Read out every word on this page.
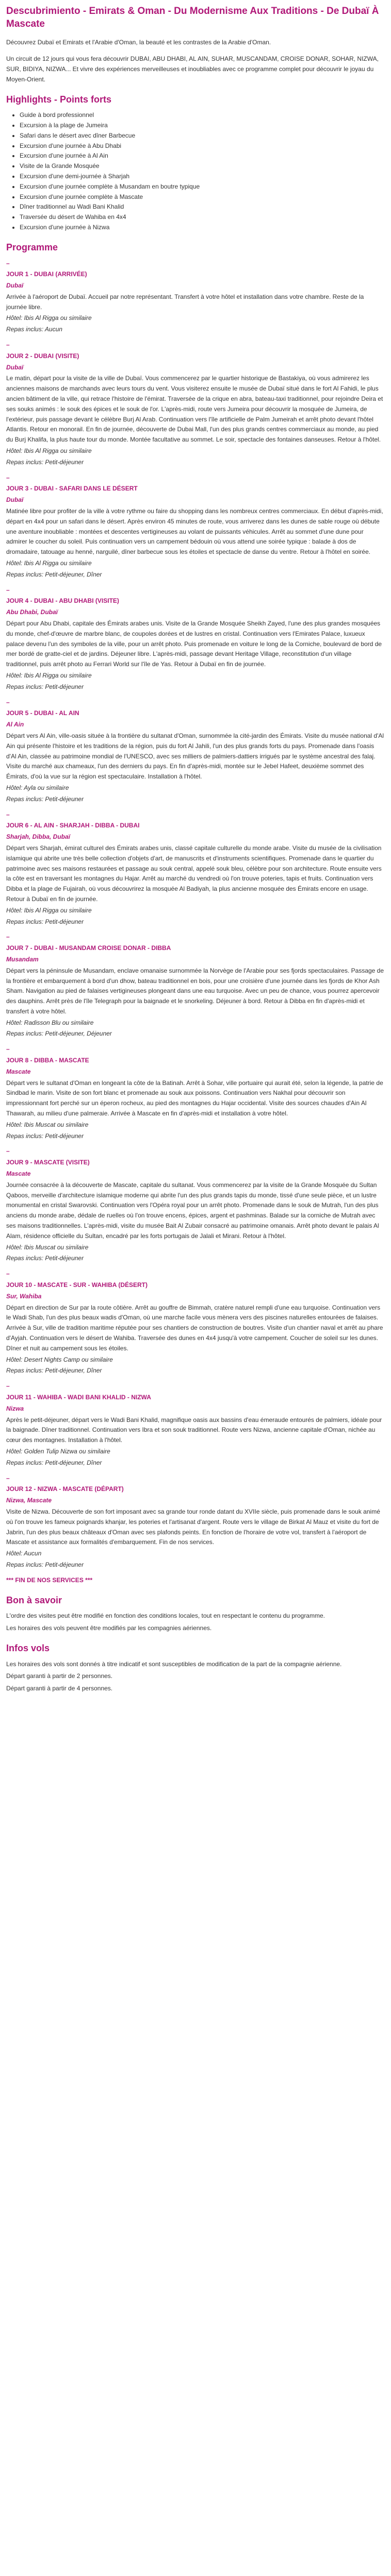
Descubrimiento - Emirats & Oman - Du Modernisme Aux Traditions - De Dubaï À Mascate

Découvrez Dubaï et Emirats et l'Arabie d'Oman, la beauté et les contrastes de la Arabie d'Oman.

Un circuit de 12 jours qui vous fera découvrir DUBAI, ABU DHABI, AL AIN, SUHAR, MUSCANDAM, CROISE DONAR, SOHAR, NIZWA, SUR, BIDIYA, NIZWA... Et vivre des expériences merveilleuses et inoubliables avec ce programme complet pour découvrir le joyau du Moyen-Orient.

Highlights - Points forts
• Guide à bord professionnel
• Excursion à la plage de Jumeira
• Safari dans le désert avec dîner Barbecue
• Excursion d'une journée à Abu Dhabi
• Excursion d'une journée à Al Ain
• Visite de la Grande Mosquée
• Excursion d'une demi-journée à Sharjah
• Excursion d'une journée complète à Musandam en boutre typique
• Excursion d'une journée complète à Mascate
• Dîner traditionnel au Wadi Bani Khalid
• Traversée du désert de Wahiba en 4x4
• Excursion d'une journée à Nizwa
Programme

–

JOUR 1 - DUBAI (ARRIVÉE)

Dubaï

Arrivée à l'aéroport de Dubaï. Accueil par notre représentant. Transfert à votre hôtel et installation dans votre chambre. Reste de la journée libre.

Hôtel: Ibis Al Rigga ou similaire

Repas inclus: Aucun

–

JOUR 2 - DUBAI (VISITE)

Dubaï

Le matin, départ pour la visite de la ville de Dubaï. Vous commencerez par le quartier historique de Bastakiya, où vous admirerez les anciennes maisons de marchands avec leurs tours du vent. Vous visiterez ensuite le musée de Dubaï situé dans le fort Al Fahidi, le plus ancien bâtiment de la ville, qui retrace l'histoire de l'émirat. Traversée de la crique en abra, bateau-taxi traditionnel, pour rejoindre Deira et ses souks animés : le souk des épices et le souk de l'or. L'après-midi, route vers Jumeira pour découvrir la mosquée de Jumeira, de l'extérieur, puis passage devant le célèbre Burj Al Arab. Continuation vers l'île artificielle de Palm Jumeirah et arrêt photo devant l'hôtel Atlantis. Retour en monorail. En fin de journée, découverte de Dubai Mall, l'un des plus grands centres commerciaux au monde, au pied du Burj Khalifa, la plus haute tour du monde. Montée facultative au sommet. Le soir, spectacle des fontaines danseuses. Retour à l'hôtel.

Hôtel: Ibis Al Rigga ou similaire

Repas inclus: Petit-déjeuner

–

JOUR 3 - DUBAI - SAFARI DANS LE DÉSERT

Dubaï

Matinée libre pour profiter de la ville à votre rythme ou faire du shopping dans les nombreux centres commerciaux. En début d'après-midi, départ en 4x4 pour un safari dans le désert. Après environ 45 minutes de route, vous arriverez dans les dunes de sable rouge où débute une aventure inoubliable : montées et descentes vertigineuses au volant de puissants véhicules. Arrêt au sommet d'une dune pour admirer le coucher du soleil. Puis continuation vers un campement bédouin où vous attend une soirée typique : balade à dos de dromadaire, tatouage au henné, narguilé, dîner barbecue sous les étoiles et spectacle de danse du ventre. Retour à l'hôtel en soirée.

Hôtel: Ibis Al Rigga ou similaire

Repas inclus: Petit-déjeuner, Dîner

–

JOUR 4 - DUBAI - ABU DHABI (VISITE)

Abu Dhabi, Dubaï

Départ pour Abu Dhabi, capitale des Émirats arabes unis. Visite de la Grande Mosquée Sheikh Zayed, l'une des plus grandes mosquées du monde, chef-d'œuvre de marbre blanc, de coupoles dorées et de lustres en cristal. Continuation vers l'Emirates Palace, luxueux palace devenu l'un des symboles de la ville, pour un arrêt photo. Puis promenade en voiture le long de la Corniche, boulevard de bord de mer bordé de gratte-ciel et de jardins. Déjeuner libre. L'après-midi, passage devant Heritage Village, reconstitution d'un village traditionnel, puis arrêt photo au Ferrari World sur l'île de Yas. Retour à Dubaï en fin de journée.

Hôtel: Ibis Al Rigga ou similaire

Repas inclus: Petit-déjeuner

–

JOUR 5 - DUBAI - AL AIN

Al Ain

Départ vers Al Ain, ville-oasis située à la frontière du sultanat d'Oman, surnommée la cité-jardin des Émirats. Visite du musée national d'Al Ain qui présente l'histoire et les traditions de la région, puis du fort Al Jahili, l'un des plus grands forts du pays. Promenade dans l'oasis d'Al Ain, classée au patrimoine mondial de l'UNESCO, avec ses milliers de palmiers-dattiers irrigués par le système ancestral des falaj. Visite du marché aux chameaux, l'un des derniers du pays. En fin d'après-midi, montée sur le Jebel Hafeet, deuxième sommet des Émirats, d'où la vue sur la région est spectaculaire. Installation à l'hôtel.

Hôtel: Ayla ou similaire

Repas inclus: Petit-déjeuner

–

JOUR 6 - AL AIN - SHARJAH - DIBBA - DUBAI

Sharjah, Dibba, Dubaï

Départ vers Sharjah, émirat culturel des Émirats arabes unis, classé capitale culturelle du monde arabe. Visite du musée de la civilisation islamique qui abrite une très belle collection d'objets d'art, de manuscrits et d'instruments scientifiques. Promenade dans le quartier du patrimoine avec ses maisons restaurées et passage au souk central, appelé souk bleu, célèbre pour son architecture. Route ensuite vers la côte est en traversant les montagnes du Hajar. Arrêt au marché du vendredi où l'on trouve poteries, tapis et fruits. Continuation vers Dibba et la plage de Fujairah, où vous découvrirez la mosquée Al Badiyah, la plus ancienne mosquée des Émirats encore en usage. Retour à Dubaï en fin de journée.

Hôtel: Ibis Al Rigga ou similaire

Repas inclus: Petit-déjeuner

–

JOUR 7 - DUBAI - MUSANDAM CROISE DONAR - DIBBA

Musandam

Départ vers la péninsule de Musandam, enclave omanaise surnommée la Norvège de l'Arabie pour ses fjords spectaculaires. Passage de la frontière et embarquement à bord d'un dhow, bateau traditionnel en bois, pour une croisière d'une journée dans les fjords de Khor Ash Sham. Navigation au pied de falaises vertigineuses plongeant dans une eau turquoise. Avec un peu de chance, vous pourrez apercevoir des dauphins. Arrêt près de l'île Telegraph pour la baignade et le snorkeling. Déjeuner à bord. Retour à Dibba en fin d'après-midi et transfert à votre hôtel.

Hôtel: Radisson Blu ou similaire

Repas inclus: Petit-déjeuner, Déjeuner

–

JOUR 8 - DIBBA - MASCATE

Mascate

Départ vers le sultanat d'Oman en longeant la côte de la Batinah. Arrêt à Sohar, ville portuaire qui aurait été, selon la légende, la patrie de Sindbad le marin. Visite de son fort blanc et promenade au souk aux poissons. Continuation vers Nakhal pour découvrir son impressionnant fort perché sur un éperon rocheux, au pied des montagnes du Hajar occidental. Visite des sources chaudes d'Ain Al Thawarah, au milieu d'une palmeraie. Arrivée à Mascate en fin d'après-midi et installation à votre hôtel.

Hôtel: Ibis Muscat ou similaire

Repas inclus: Petit-déjeuner

–

JOUR 9 - MASCATE (VISITE)

Mascate

Journée consacrée à la découverte de Mascate, capitale du sultanat. Vous commencerez par la visite de la Grande Mosquée du Sultan Qaboos, merveille d'architecture islamique moderne qui abrite l'un des plus grands tapis du monde, tissé d'une seule pièce, et un lustre monumental en cristal Swarovski. Continuation vers l'Opéra royal pour un arrêt photo. Promenade dans le souk de Mutrah, l'un des plus anciens du monde arabe, dédale de ruelles où l'on trouve encens, épices, argent et pashminas. Balade sur la corniche de Mutrah avec ses maisons traditionnelles. L'après-midi, visite du musée Bait Al Zubair consacré au patrimoine omanais. Arrêt photo devant le palais Al Alam, résidence officielle du Sultan, encadré par les forts portugais de Jalali et Mirani. Retour à l'hôtel.

Hôtel: Ibis Muscat ou similaire

Repas inclus: Petit-déjeuner

–

JOUR 10 - MASCATE - SUR - WAHIBA (DÉSERT)

Sur, Wahiba

Départ en direction de Sur par la route côtière. Arrêt au gouffre de Bimmah, cratère naturel rempli d'une eau turquoise. Continuation vers le Wadi Shab, l'un des plus beaux wadis d'Oman, où une marche facile vous mènera vers des piscines naturelles entourées de falaises. Arrivée à Sur, ville de tradition maritime réputée pour ses chantiers de construction de boutres. Visite d'un chantier naval et arrêt au phare d'Ayjah. Continuation vers le désert de Wahiba. Traversée des dunes en 4x4 jusqu'à votre campement. Coucher de soleil sur les dunes. Dîner et nuit au campement sous les étoiles.

Hôtel: Desert Nights Camp ou similaire

Repas inclus: Petit-déjeuner, Dîner

–

JOUR 11 - WAHIBA - WADI BANI KHALID - NIZWA

Nizwa

Après le petit-déjeuner, départ vers le Wadi Bani Khalid, magnifique oasis aux bassins d'eau émeraude entourés de palmiers, idéale pour la baignade. Dîner traditionnel. Continuation vers Ibra et son souk traditionnel. Route vers Nizwa, ancienne capitale d'Oman, nichée au cœur des montagnes. Installation à l'hôtel.

Hôtel: Golden Tulip Nizwa ou similaire

Repas inclus: Petit-déjeuner, Dîner

–

JOUR 12 - NIZWA - MASCATE (DÉPART)

Nizwa, Mascate

Visite de Nizwa. Découverte de son fort imposant avec sa grande tour ronde datant du XVIIe siècle, puis promenade dans le souk animé où l'on trouve les fameux poignards khanjar, les poteries et l'artisanat d'argent. Route vers le village de Birkat Al Mauz et visite du fort de Jabrin, l'un des plus beaux châteaux d'Oman avec ses plafonds peints. En fonction de l'horaire de votre vol, transfert à l'aéroport de Mascate et assistance aux formalités d'embarquement. Fin de nos services.

Hôtel: Aucun

Repas inclus: Petit-déjeuner

*** FIN DE NOS SERVICES ***

Bon à savoir

L'ordre des visites peut être modifié en fonction des conditions locales, tout en respectant le contenu du programme.

Les horaires des vols peuvent être modifiés par les compagnies aériennes.

Infos vols

Les horaires des vols sont donnés à titre indicatif et sont susceptibles de modification de la part de la compagnie aérienne.

Départ garanti à partir de 2 personnes.

Départ garanti à partir de 4 personnes.
